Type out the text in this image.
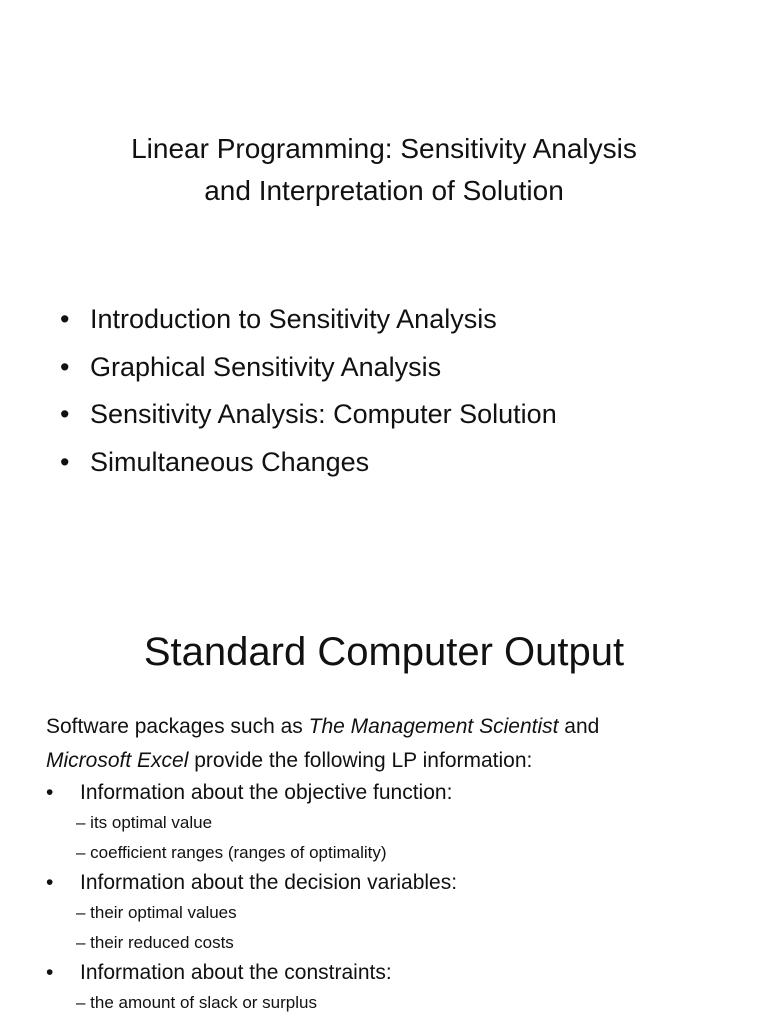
Linear Programming: Sensitivity Analysis
and Interpretation of Solution
• Introduction to Sensitivity Analysis
• Graphical Sensitivity Analysis
• Sensitivity Analysis: Computer Solution
• Simultaneous Changes
Standard Computer Output
Software packages such as The Management Scientist and
Microsoft Excel provide the following LP information:
• Information about the objective function:
– its optimal value
– coefficient ranges (ranges of optimality)
• Information about the decision variables:
– their optimal values
– their reduced costs
• Information about the constraints:
– the amount of slack or surplus
